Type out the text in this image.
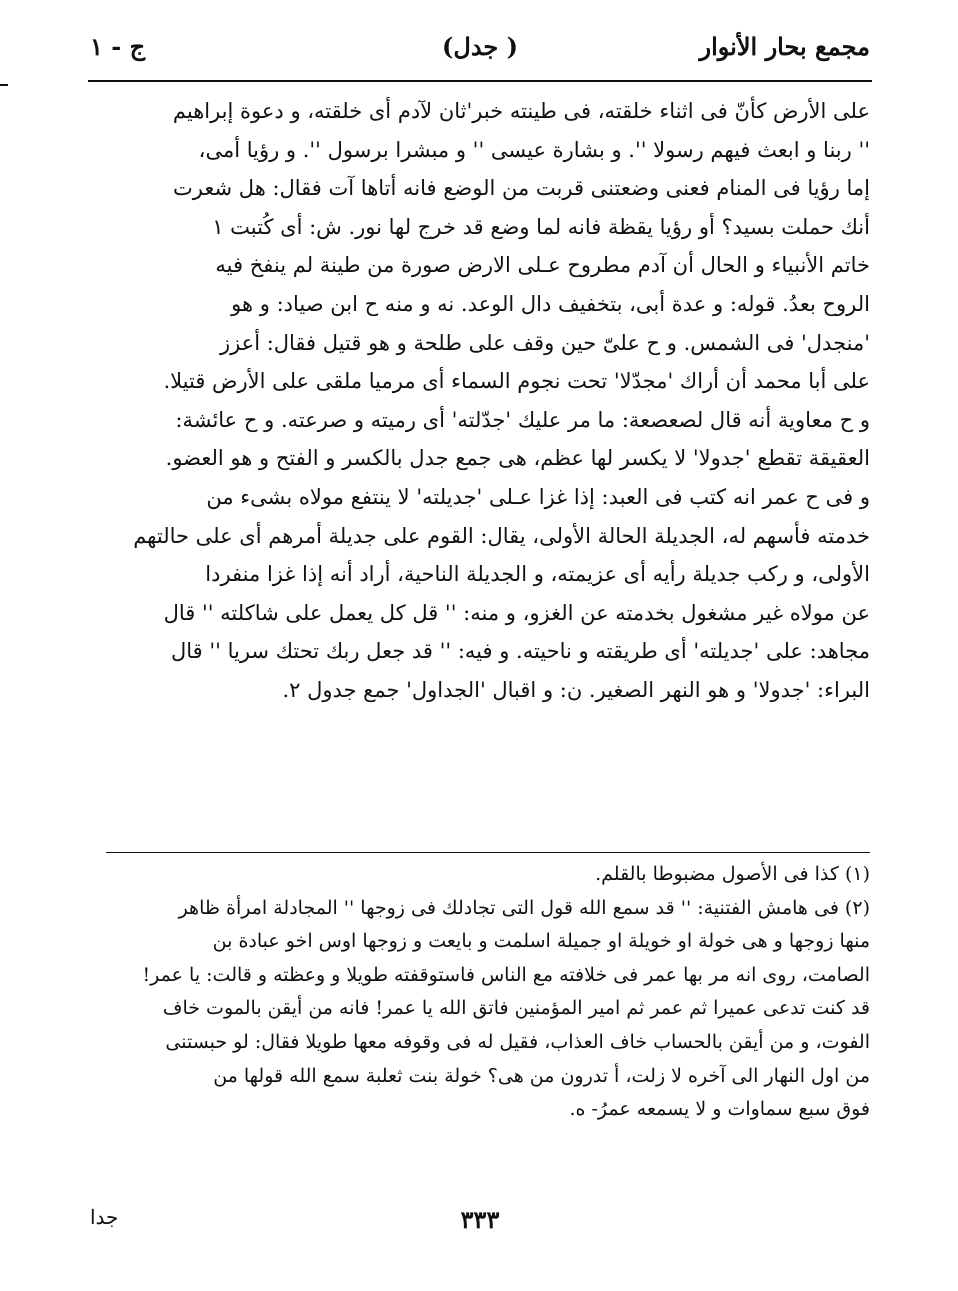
مجمع بحار الأنوار
( جدل)
ج - ١

على الأرض كأنّ فى اثناء خلقته، فى طينته خبر'ثان لآدم أى خلقته، و دعوة إبراهيم

'' ربنا و ابعث فيهم رسولا ''. و بشارة عيسى '' و مبشرا برسول ''. و رؤيا أمى،

إما رؤيا فى المنام فعنى وضعتنى قربت من الوضع فانه أتاها آت فقال: هل شعرت

أنك حملت بسيد؟ أو رؤيا يقظة فانه لما وضع قد خرج لها نور. ش: أى كُتبت ١

خاتم الأنبياء و الحال أن آدم مطروح عـلى الارض صورة من طينة لم ينفخ فيه

الروح بعدُ. قوله: و عدة أبى، بتخفيف دال الوعد. نه و منه ح ابن صياد: و هو

'منجدل' فى الشمس. و ح علىّ حين وقف على طلحة و هو قتيل فقال: أعزز

على أبا محمد أن أراك 'مجدّلا' تحت نجوم السماء أى مرميا ملقى على الأرض قتيلا.

و ح معاوية أنه قال لصعصعة: ما مر عليك 'جدّلته' أى رميته و صرعته. و ح عائشة:

العقيقة تقطع 'جدولا' لا يكسر لها عظم، هى جمع جدل بالكسر و الفتح و هو العضو.

و فى ح عمر انه كتب فى العبد: إذا غزا عـلى 'جديلته' لا ينتفع مولاه بشىء من

خدمته فأسهم له، الجديلة الحالة الأولى، يقال: القوم على جديلة أمرهم أى على حالتهم

الأولى، و ركب جديلة رأيه أى عزيمته، و الجديلة الناحية، أراد أنه إذا غزا منفردا

عن مولاه غير مشغول بخدمته عن الغزو، و منه: '' قل كل يعمل على شاكلته '' قال

مجاهد: على 'جديلته' أى طريقته و ناحيته. و فيه: '' قد جعل ربك تحتك سريا '' قال

البراء: 'جدولا' و هو النهر الصغير. ن: و اقبال 'الجداول' جمع جدول ٢.

(١) كذا فى الأصول مضبوطا بالقلم.

(٢) فى هامش الفتنية: '' قد سمع الله قول التى تجادلك فى زوجها '' المجادلة امرأة ظاهر

منها زوجها و هى خولة او خويلة او جميلة اسلمت و بايعت و زوجها اوس اخو عبادة بن

الصامت، روى انه مر بها عمر فى خلافته مع الناس فاستوقفته طويلا و وعظته و قالت: يا عمر!

قد كنت تدعى عميرا ثم عمر ثم امير المؤمنين فاتق الله يا عمر! فانه من أيقن بالموت خاف

الفوت، و من أيقن بالحساب خاف العذاب، فقيل له فى وقوفه معها طويلا فقال: لو حبستنى

من اول النهار الى آخره لا زلت، أ تدرون من هى؟ خولة بنت ثعلبة سمع الله قولها من

فوق سبع سماوات و لا يسمعه عمرُ- ه.

٣٣٣
جدا
